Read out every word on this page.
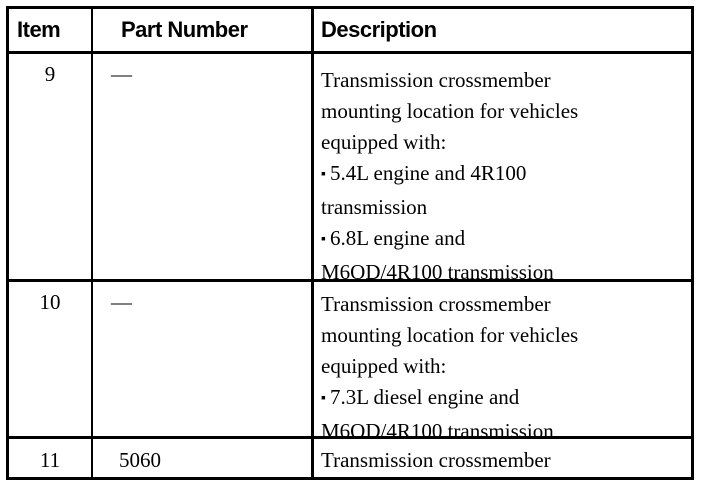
Item	Part Number	Description
9	—	Transmission crossmember
mounting location for vehicles
equipped with:
▪ 5.4L engine and 4R100
transmission
▪ 6.8L engine and
M6OD/4R100 transmission
10	—	Transmission crossmember
mounting location for vehicles
equipped with:
▪ 7.3L diesel engine and
M6OD/4R100 transmission
11	5060	Transmission crossmember
